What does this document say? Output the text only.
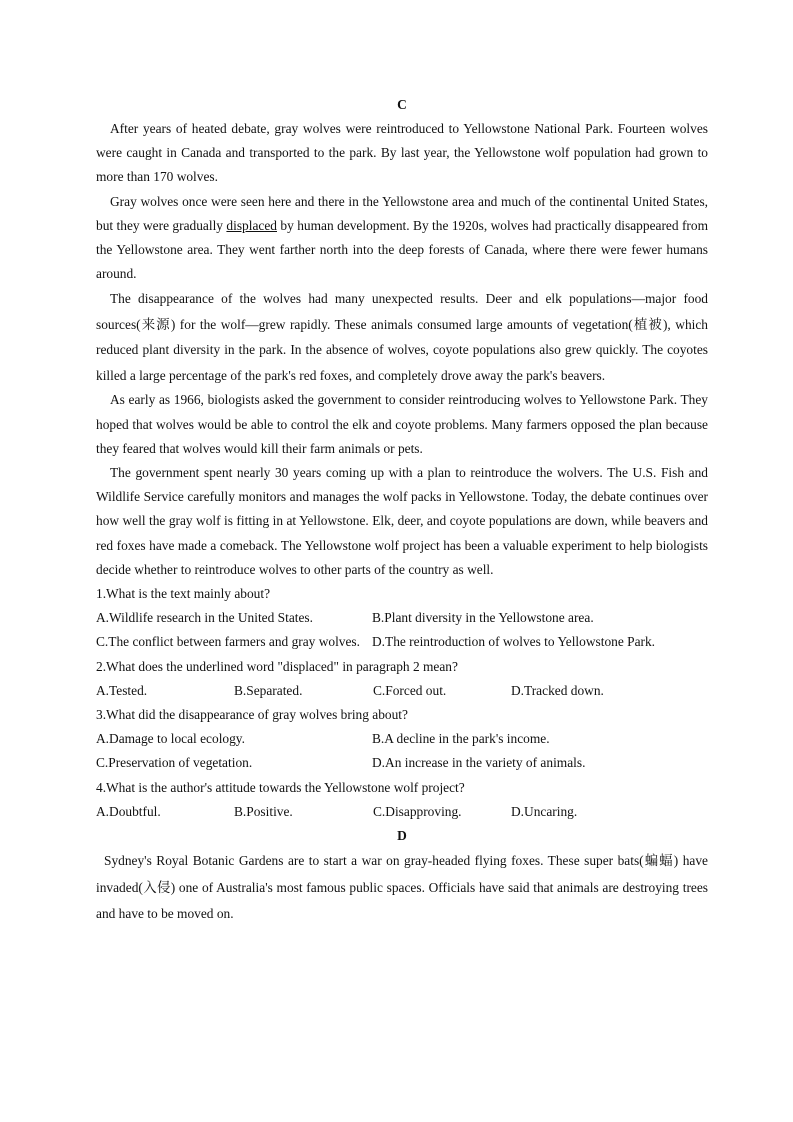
C

After years of heated debate, gray wolves were reintroduced to Yellowstone National Park. Fourteen wolves were caught in Canada and transported to the park. By last year, the Yellowstone wolf population had grown to more than 170 wolves.

Gray wolves once were seen here and there in the Yellowstone area and much of the continental United States, but they were gradually displaced by human development. By the 1920s, wolves had practically disappeared from the Yellowstone area. They went farther north into the deep forests of Canada, where there were fewer humans around.

The disappearance of the wolves had many unexpected results. Deer and elk populations—major food sources(来源) for the wolf—grew rapidly. These animals consumed large amounts of vegetation(植被), which reduced plant diversity in the park. In the absence of wolves, coyote populations also grew quickly. The coyotes killed a large percentage of the park's red foxes, and completely drove away the park's beavers.

As early as 1966, biologists asked the government to consider reintroducing wolves to Yellowstone Park. They hoped that wolves would be able to control the elk and coyote problems. Many farmers opposed the plan because they feared that wolves would kill their farm animals or pets.

The government spent nearly 30 years coming up with a plan to reintroduce the wolvers. The U.S. Fish and Wildlife Service carefully monitors and manages the wolf packs in Yellowstone. Today, the debate continues over how well the gray wolf is fitting in at Yellowstone. Elk, deer, and coyote populations are down, while beavers and red foxes have made a comeback. The Yellowstone wolf project has been a valuable experiment to help biologists decide whether to reintroduce wolves to other parts of the country as well.

1.What is the text mainly about?

A.Wildlife research in the United States.	B.Plant diversity in the Yellowstone area.
C.The conflict between farmers and gray wolves. D.The reintroduction of wolves to Yellowstone Park.

2.What does the underlined word "displaced" in paragraph 2 mean?

A.Tested.	B.Separated.	C.Forced out.	D.Tracked down.

3.What did the disappearance of gray wolves bring about?

A.Damage to local ecology.	B.A decline in the park's income.
C.Preservation of vegetation.	D.An increase in the variety of animals.

4.What is the author's attitude towards the Yellowstone wolf project?

A.Doubtful.	B.Positive.	C.Disapproving.	D.Uncaring.
D

Sydney's Royal Botanic Gardens are to start a war on gray-headed flying foxes. These super bats(蝙蝠) have invaded(入侵) one of Australia's most famous public spaces. Officials have said that animals are destroying trees and have to be moved on.
